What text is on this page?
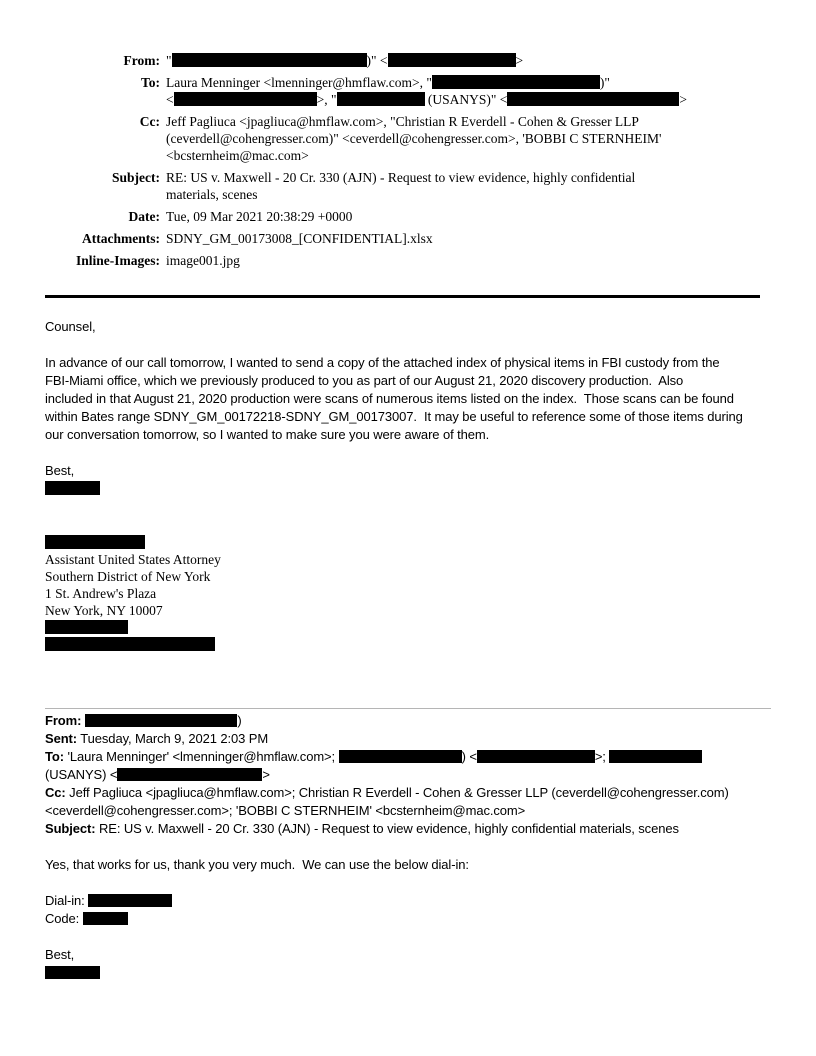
From: "	)" <	>
To: Laura Menninger <lmenninger@hmflaw.com>, "	)"
<	>, "	(USANYS)" <	>
Cc: Jeff Pagliuca <jpagliuca@hmflaw.com>, "Christian R Everdell - Cohen & Gresser LLP
(ceverdell@cohengresser.com)" <ceverdell@cohengresser.com>, 'BOBBI C STERNHEIM'
<bcsternheim@mac.com>
Subject: RE: US v. Maxwell - 20 Cr. 330 (AJN) - Request to view evidence, highly confidential
materials, scenes
Date: Tue, 09 Mar 2021 20:38:29 +0000
Attachments: SDNY_GM_00173008_[CONFIDENTIAL].xlsx
Inline-Images: image001.jpg
Counsel,
In advance of our call tomorrow, I wanted to send a copy of the attached index of physical items in FBI custody from the
FBI-Miami office, which we previously produced to you as part of our August 21, 2020 discovery production.  Also
included in that August 21, 2020 production were scans of numerous items listed on the index.  Those scans can be found
within Bates range SDNY_GM_00172218-SDNY_GM_00173007.  It may be useful to reference some of those items during
our conversation tomorrow, so I wanted to make sure you were aware of them.
Best,
Assistant United States Attorney
Southern District of New York
1 St. Andrew's Plaza
New York, NY 10007
From:	)
Sent: Tuesday, March 9, 2021 2:03 PM
To: 'Laura Menninger' <lmenninger@hmflaw.com>;	) <	>;
(USANYS) <	>
Cc: Jeff Pagliuca <jpagliuca@hmflaw.com>; Christian R Everdell - Cohen & Gresser LLP (ceverdell@cohengresser.com)
<ceverdell@cohengresser.com>; 'BOBBI C STERNHEIM' <bcsternheim@mac.com>
Subject: RE: US v. Maxwell - 20 Cr. 330 (AJN) - Request to view evidence, highly confidential materials, scenes
Yes, that works for us, thank you very much.  We can use the below dial-in:
Dial-in:
Code:
Best,
